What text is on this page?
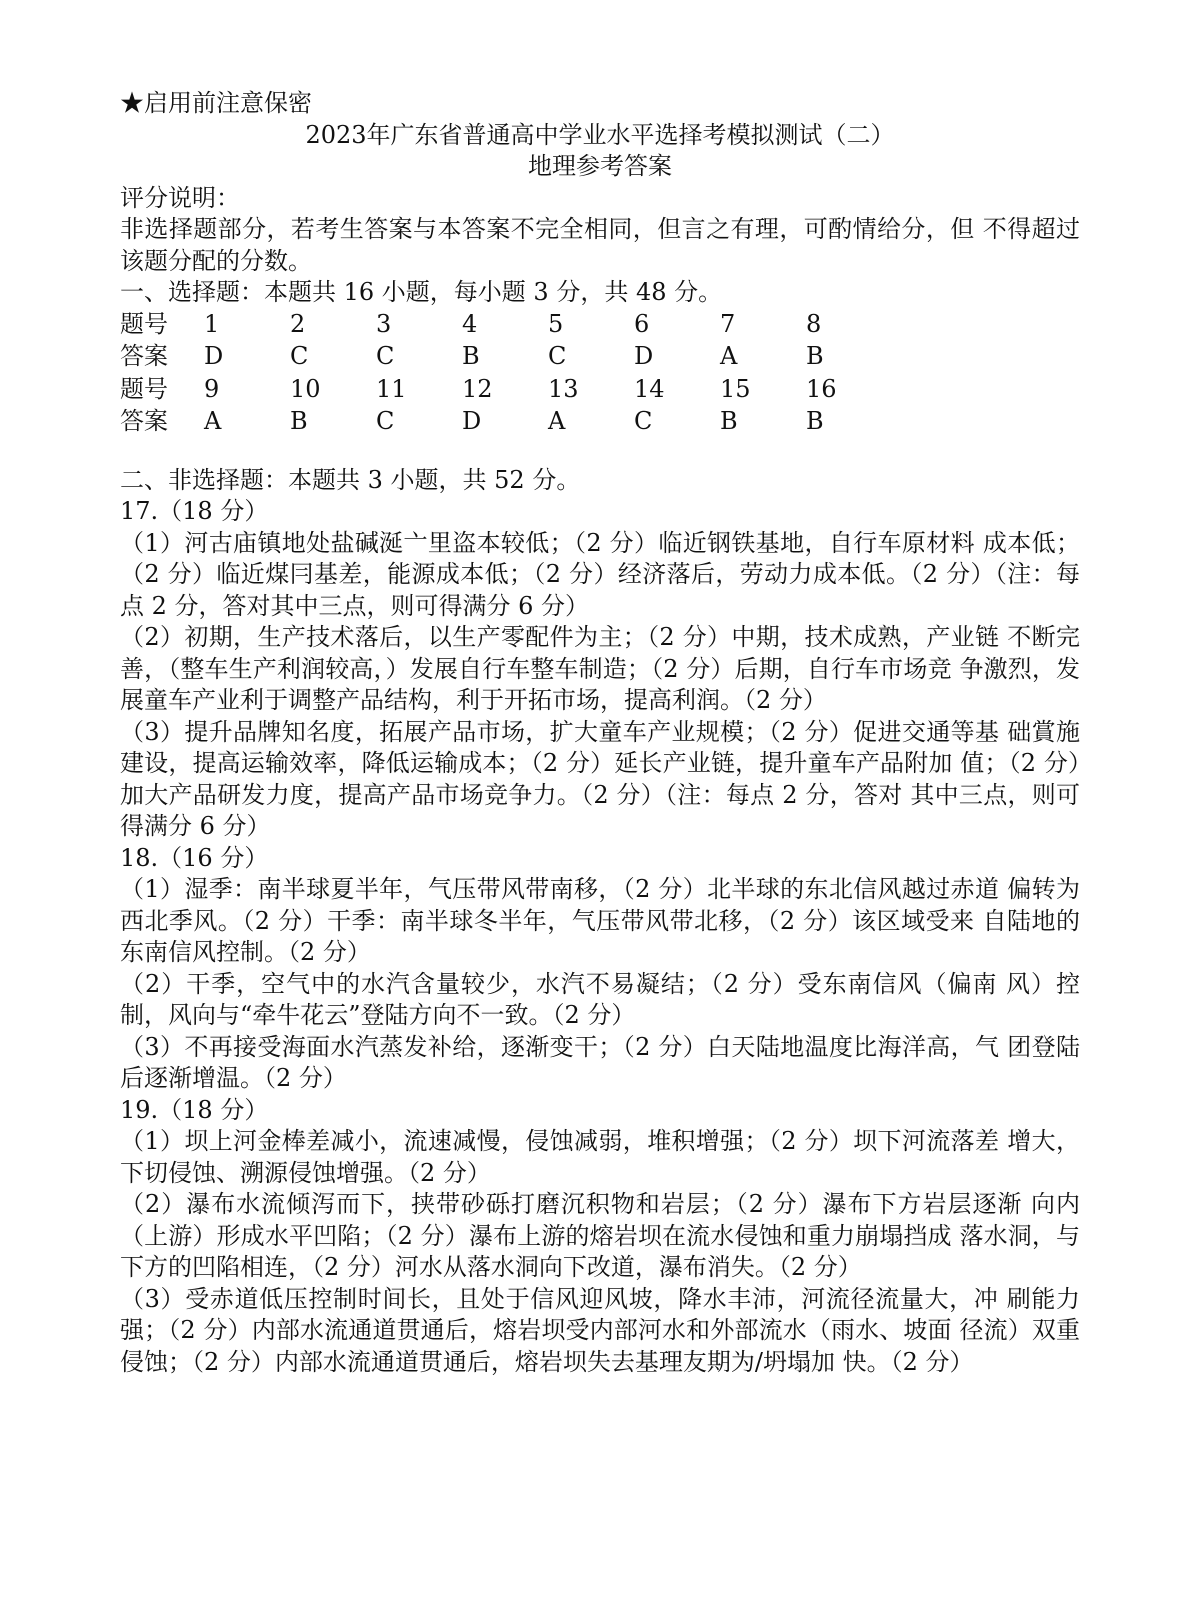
★启用前注意保密
2023年广东省普通高中学业水平选择考模拟测试（二）
地理参考答案
评分说明：
非选择题部分，若考生答案与本答案不完全相同，但言之有理，可酌情给分，但 不得超过该题分配的分数。
一、选择题：本题共 16 小题，每小题 3 分，共 48 分。
题号	1	2	3	4	5	6	7	8
答案	D	C	C	B	C	D	A	B
题号	9	10	11	12	13	14	15	16
答案	A	B	C	D	A	C	B	B
二、非选择题：本题共 3 小题，共 52 分。
17.（18 分）
（1）河古庙镇地处盐碱涎亠里盗本较低；（2 分）临近钢铁基地，自行车原材料 成本低；（2 分）临近煤冃基差，能源成本低；（2 分）经济落后，劳动力成本低。（2 分）（注：每点 2 分，答对其中三点，则可得满分 6 分）
（2）初期，生产技术落后，以生产零配件为主；（2 分）中期，技术成熟，产业链 不断完善，（整车生产利润较高，）发展自行车整车制造；（2 分）后期，自行车市场竞 争激烈，发展童车产业利于调整产品结构，利于开拓市场，提高利润。（2 分）
（3）提升品牌知名度，拓展产品市场，扩大童车产业规模；（2 分）促进交通等基 础賞施建设，提高运输效率，降低运输成本；（2 分）延长产业链，提升童车产品附加 值；（2 分）加大产品研发力度，提高产品市场竞争力。（2 分）（注：每点 2 分，答对 其中三点，则可得满分 6 分）
18.（16 分）
（1）湿季：南半球夏半年，气压带风带南移，（2 分）北半球的东北信风越过赤道 偏转为西北季风。（2 分）干季：南半球冬半年，气压带风带北移，（2 分）该区域受来 自陆地的东南信风控制。（2 分）
（2）干季，空气中的水汽含量较少，水汽不易凝结；（2 分）受东南信风（偏南 风）控制，风向与“牵牛花云”登陆方向不一致。（2 分）
（3）不再接受海面水汽蒸发补给，逐渐变干；（2 分）白天陆地温度比海洋高，气 团登陆后逐渐增温。（2 分）
19.（18 分）
（1）坝上河金棒差减小，流速减慢，侵蚀减弱，堆积增强；（2 分）坝下河流落差 增大，下切侵蚀、溯源侵蚀增强。（2 分）
（2）瀑布水流倾泻而下，挟带砂砾打磨沉积物和岩层；（2 分）瀑布下方岩层逐渐 向内（上游）形成水平凹陷；（2 分）瀑布上游的熔岩坝在流水侵蚀和重力崩塌挡成 落水洞，与下方的凹陷相连，（2 分）河水从落水洞向下改道，瀑布消失。（2 分）
（3）受赤道低压控制时间长，且处于信风迎风坡，降水丰沛，河流径流量大，冲 刷能力强；（2 分）内部水流通道贯通后，熔岩坝受内部河水和外部流水（雨水、坡面 径流）双重侵蚀；（2 分）内部水流通道贯通后，熔岩坝失去基理友期为/坍塌加 快。（2 分）
